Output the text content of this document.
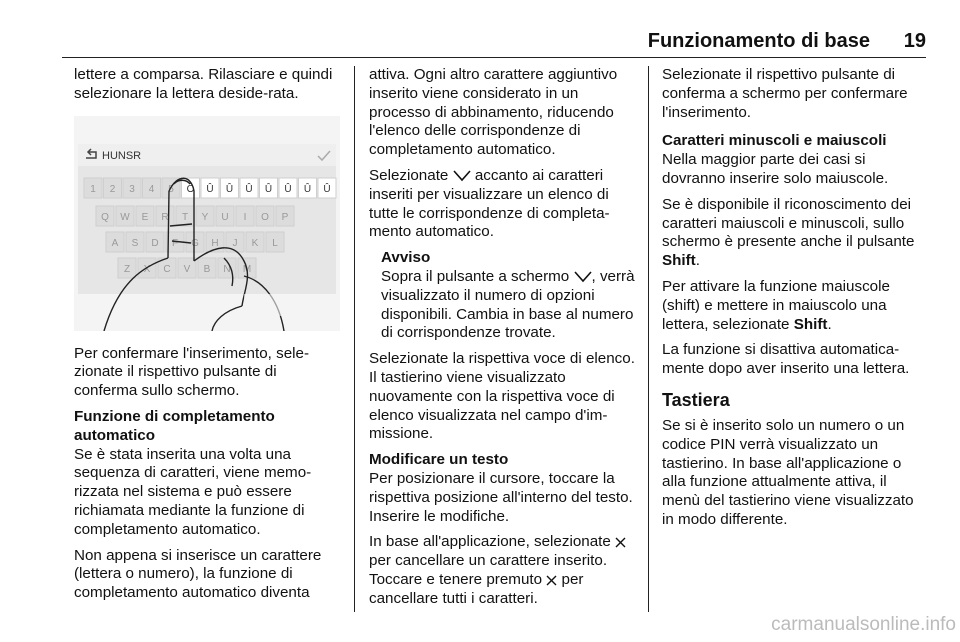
Funzionamento di base	19

lettere a comparsa. Rilasciare e quindi selezionare la lettera deside-rata.

HUNSR
1 2 3 4 5 Ô Û Û Û Û Û Û Û
Q W E R T Y U I O P
A S D F G H J K L
Z X C V B N M

Per confermare l'inserimento, sele-zionate il rispettivo pulsante di conferma sullo schermo.

Funzione di completamento automatico

Se è stata inserita una volta una sequenza di caratteri, viene memo-rizzata nel sistema e può essere richiamata mediante la funzione di completamento automatico.

Non appena si inserisce un carattere (lettera o numero), la funzione di completamento automatico diventa

attiva. Ogni altro carattere aggiuntivo inserito viene considerato in un processo di abbinamento, riducendo l'elenco delle corrispondenze di completamento automatico.

Selezionate accanto ai caratteri inseriti per visualizzare un elenco di tutte le corrispondenze di completa-mento automatico.

Avviso
Sopra il pulsante a schermo , verrà visualizzato il numero di opzioni disponibili. Cambia in base al numero di corrispondenze trovate.

Selezionate la rispettiva voce di elenco. Il tastierino viene visualizzato nuovamente con la rispettiva voce di elenco visualizzata nel campo d'im-missione.

Modificare un testo

Per posizionare il cursore, toccare la rispettiva posizione all'interno del testo. Inserire le modifiche.

In base all'applicazione, selezionate  per cancellare un carattere inserito. Toccare e tenere premuto per cancellare tutti i caratteri.

Selezionate il rispettivo pulsante di conferma a schermo per confermare l'inserimento.

Caratteri minuscoli e maiuscoli

Nella maggior parte dei casi si dovranno inserire solo maiuscole.

Se è disponibile il riconoscimento dei caratteri maiuscoli e minuscoli, sullo schermo è presente anche il pulsante Shift.

Per attivare la funzione maiuscole (shift) e mettere in maiuscolo una lettera, selezionate Shift.

La funzione si disattiva automatica-mente dopo aver inserito una lettera.

Tastiera

Se si è inserito solo un numero o un codice PIN verrà visualizzato un tastierino. In base all'applicazione o alla funzione attualmente attiva, il menù del tastierino viene visualizzato in modo differente.

carmanualsonline.info
